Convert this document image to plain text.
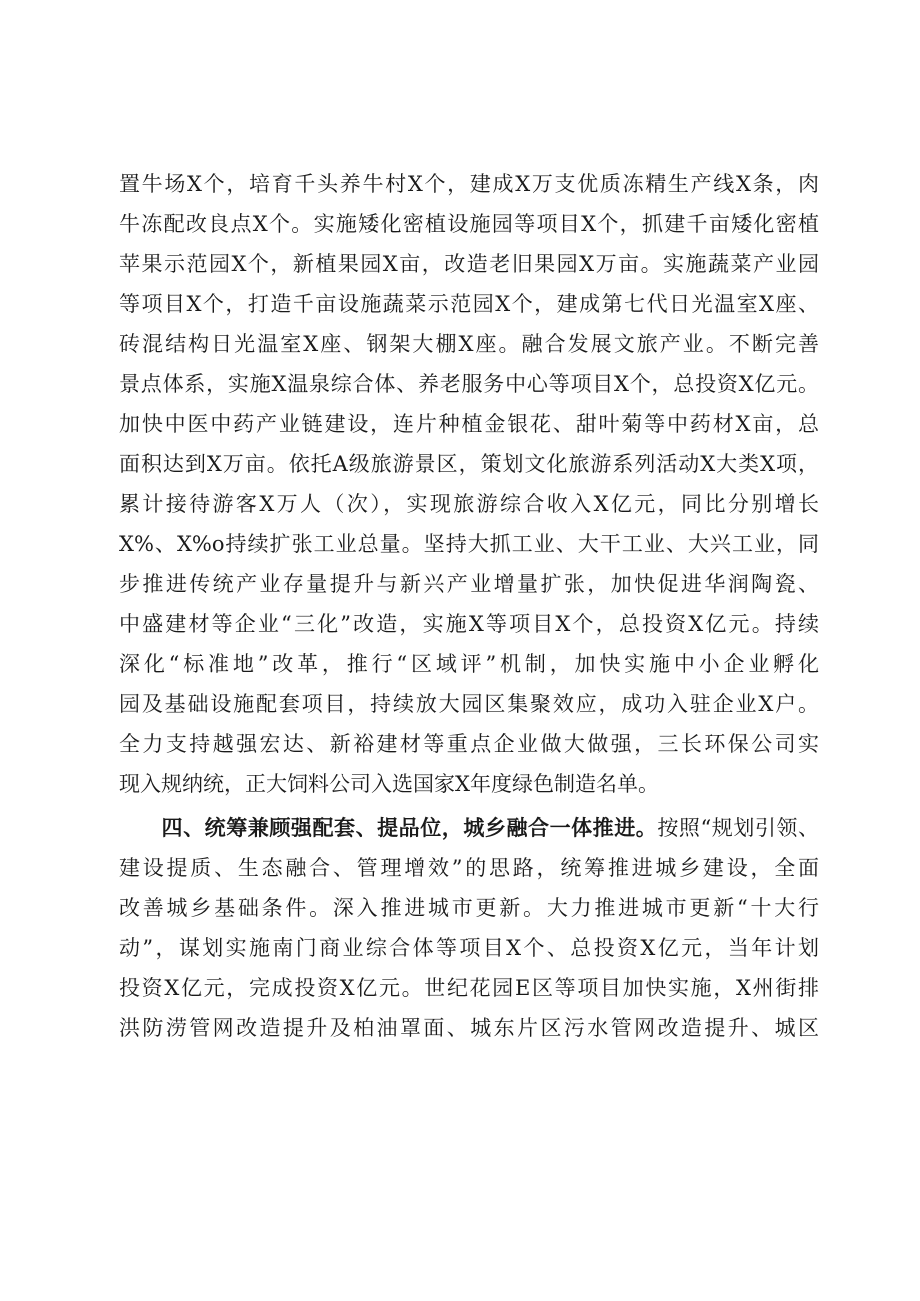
置牛场X个，培育千头养牛村X个，建成X万支优质冻精生产线X条，肉
牛冻配改良点X个。实施矮化密植设施园等项目X个，抓建千亩矮化密植
苹果示范园X个，新植果园X亩，改造老旧果园X万亩。实施蔬菜产业园
等项目X个，打造千亩设施蔬菜示范园X个，建成第七代日光温室X座、
砖混结构日光温室X座、钢架大棚X座。融合发展文旅产业。不断完善
景点体系，实施X温泉综合体、养老服务中心等项目X个，总投资X亿元。
加快中医中药产业链建设，连片种植金银花、甜叶菊等中药材X亩，总
面积达到X万亩。依托A级旅游景区，策划文化旅游系列活动X大类X项，
累计接待游客X万人（次），实现旅游综合收入X亿元，同比分别增长
X%、X%o持续扩张工业总量。坚持大抓工业、大干工业、大兴工业，同
步推进传统产业存量提升与新兴产业增量扩张，加快促进华润陶瓷、
中盛建材等企业“三化”改造，实施X等项目X个，总投资X亿元。持续
深化“标准地”改革，推行“区域评”机制，加快实施中小企业孵化
园及基础设施配套项目，持续放大园区集聚效应，成功入驻企业X户。
全力支持越强宏达、新裕建材等重点企业做大做强，三长环保公司实
现入规纳统，正大饲料公司入选国家X年度绿色制造名单。
四、统筹兼顾强配套、提品位，城乡融合一体推进。按照“规划引领、
建设提质、生态融合、管理增效”的思路，统筹推进城乡建设，全面
改善城乡基础条件。深入推进城市更新。大力推进城市更新“十大行
动”，谋划实施南门商业综合体等项目X个、总投资X亿元，当年计划
投资X亿元，完成投资X亿元。世纪花园E区等项目加快实施，X州街排
洪防涝管网改造提升及柏油罩面、城东片区污水管网改造提升、城区
